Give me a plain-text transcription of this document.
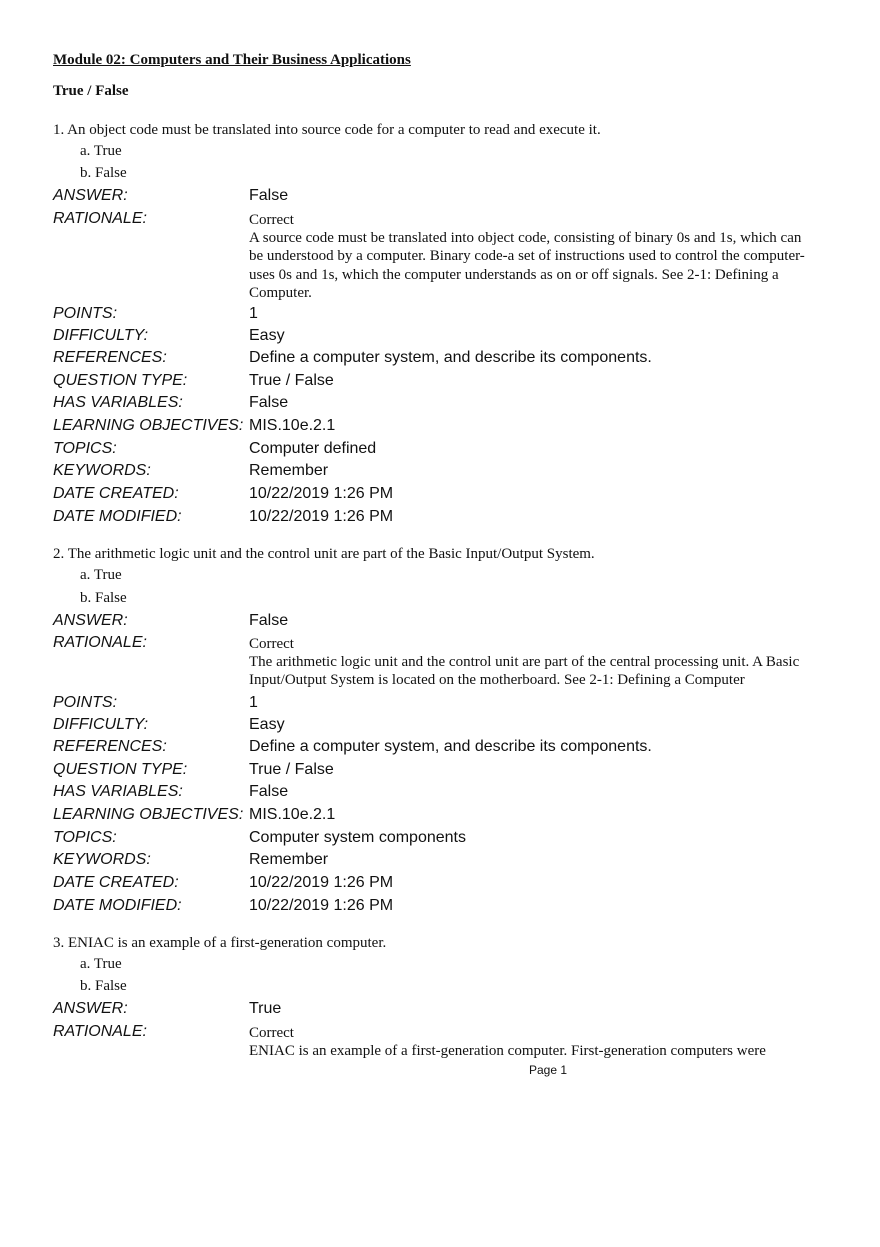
Module 02: Computers and Their Business Applications
True / False
1. An object code must be translated into source code for a computer to read and execute it.
a. True
b. False
ANSWER:	False
RATIONALE:	Correct
A source code must be translated into object code, consisting of binary 0s and 1s, which can be understood by a computer. Binary code-a set of instructions used to control the computer-uses 0s and 1s, which the computer understands as on or off signals. See 2-1: Defining a Computer.
POINTS:	1
DIFFICULTY:	Easy
REFERENCES:	Define a computer system, and describe its components.
QUESTION TYPE:	True / False
HAS VARIABLES:	False
LEARNING OBJECTIVES: MIS.10e.2.1
TOPICS:	Computer defined
KEYWORDS:	Remember
DATE CREATED:	10/22/2019 1:26 PM
DATE MODIFIED:	10/22/2019 1:26 PM
2. The arithmetic logic unit and the control unit are part of the Basic Input/Output System.
a. True
b. False
ANSWER:	False
RATIONALE:	Correct
The arithmetic logic unit and the control unit are part of the central processing unit. A Basic Input/Output System is located on the motherboard. See 2-1: Defining a Computer
POINTS:	1
DIFFICULTY:	Easy
REFERENCES:	Define a computer system, and describe its components.
QUESTION TYPE:	True / False
HAS VARIABLES:	False
LEARNING OBJECTIVES: MIS.10e.2.1
TOPICS:	Computer system components
KEYWORDS:	Remember
DATE CREATED:	10/22/2019 1:26 PM
DATE MODIFIED:	10/22/2019 1:26 PM
3. ENIAC is an example of a first-generation computer.
a. True
b. False
ANSWER:	True
RATIONALE:	Correct
ENIAC is an example of a first-generation computer. First-generation computers were
Page 1
